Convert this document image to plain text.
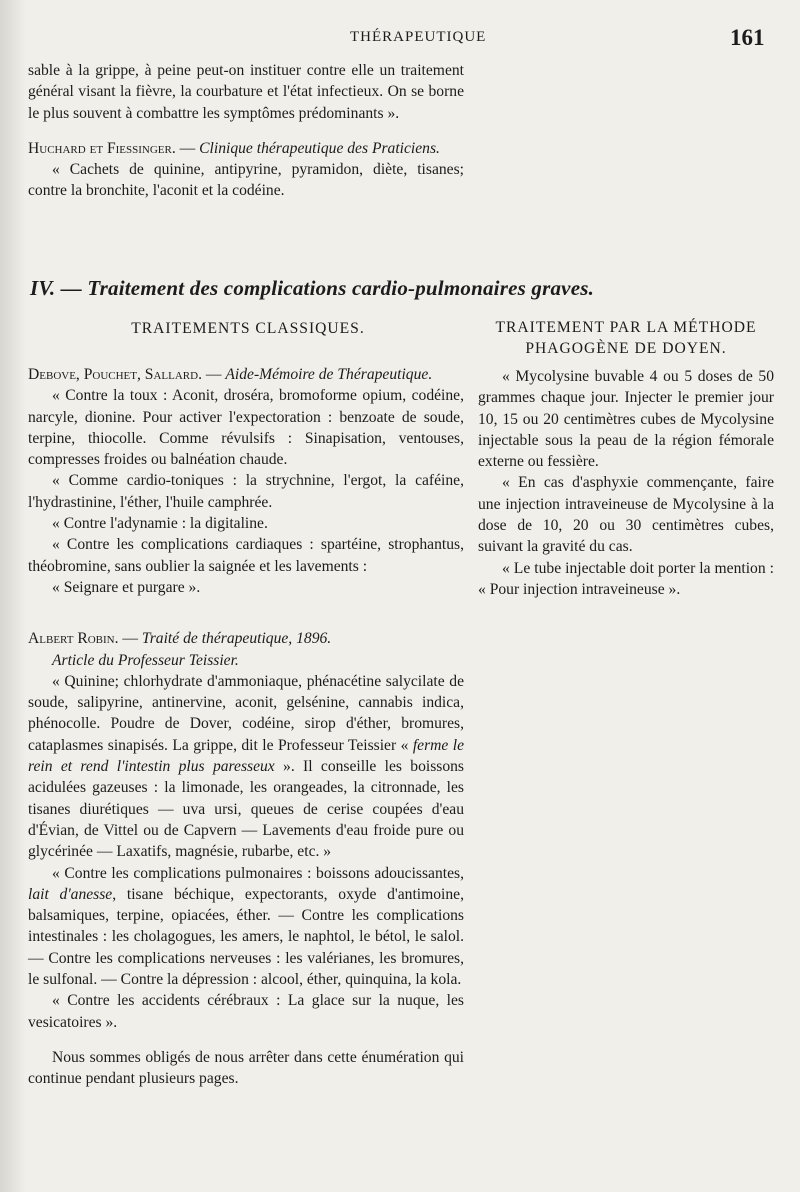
THÉRAPEUTIQUE	161

sable à la grippe, à peine peut-on instituer contre elle un traitement général visant la fièvre, la courbature et l'état infectieux. On se borne le plus souvent à combattre les symptômes prédominants ».

Huchard et Fiessinger. — Clinique thérapeutique des Praticiens.

« Cachets de quinine, antipyrine, pyramidon, diète, tisanes; contre la bronchite, l'aconit et la codéine.

IV. — Traitement des complications cardio-pulmonaires graves.
TRAITEMENTS CLASSIQUES.

Debove, Pouchet, Sallard. — Aide-Mémoire de Thérapeutique.

« Contre la toux : Aconit, droséra, bromoforme opium, codéine, narcyle, dionine. Pour activer l'expectoration : benzoate de soude, terpine, thiocolle. Comme révulsifs : Sinapisation, ventouses, compresses froides ou balnéation chaude.

« Comme cardio-toniques : la strychnine, l'ergot, la caféine, l'hydrastinine, l'éther, l'huile camphrée.

« Contre l'adynamie : la digitaline.

« Contre les complications cardiaques : spartéine, strophantus, théobromine, sans oublier la saignée et les lavements :

« Seignare et purgare ».

Albert Robin. — Traité de thérapeutique, 1896.

Article du Professeur Teissier.

« Quinine; chlorhydrate d'ammoniaque, phénacétine salycilate de soude, salipyrine, antinervine, aconit, gelsénine, cannabis indica, phénocolle. Poudre de Dover, codéine, sirop d'éther, bromures, cataplasmes sinapisés. La grippe, dit le Professeur Teissier « ferme le rein et rend l'intestin plus paresseux ». Il conseille les boissons acidulées gazeuses : la limonade, les orangeades, la citronnade, les tisanes diurétiques — uva ursi, queues de cerise coupées d'eau d'Évian, de Vittel ou de Capvern — Lavements d'eau froide pure ou glycérinée — Laxatifs, magnésie, rubarbe, etc. »

« Contre les complications pulmonaires : boissons adoucissantes, lait d'anesse, tisane béchique, expectorants, oxyde d'antimoine, balsamiques, terpine, opiacées, éther. — Contre les complications intestinales : les cholagogues, les amers, le naphtol, le bétol, le salol. — Contre les complications nerveuses : les valérianes, les bromures, le sulfonal. — Contre la dépression : alcool, éther, quinquina, la kola.

« Contre les accidents cérébraux : La glace sur la nuque, les vesicatoires ».

Nous sommes obligés de nous arrêter dans cette énumération qui continue pendant plusieurs pages.

TRAITEMENT PAR LA MÉTHODE PHAGOGÈNE DE DOYEN.

« Mycolysine buvable 4 ou 5 doses de 50 grammes chaque jour. Injecter le premier jour 10, 15 ou 20 centimètres cubes de Mycolysine injectable sous la peau de la région fémorale externe ou fessière.

« En cas d'asphyxie commençante, faire une injection intraveineuse de Mycolysine à la dose de 10, 20 ou 30 centimètres cubes, suivant la gravité du cas.

« Le tube injectable doit porter la mention : « Pour injection intraveineuse ».
